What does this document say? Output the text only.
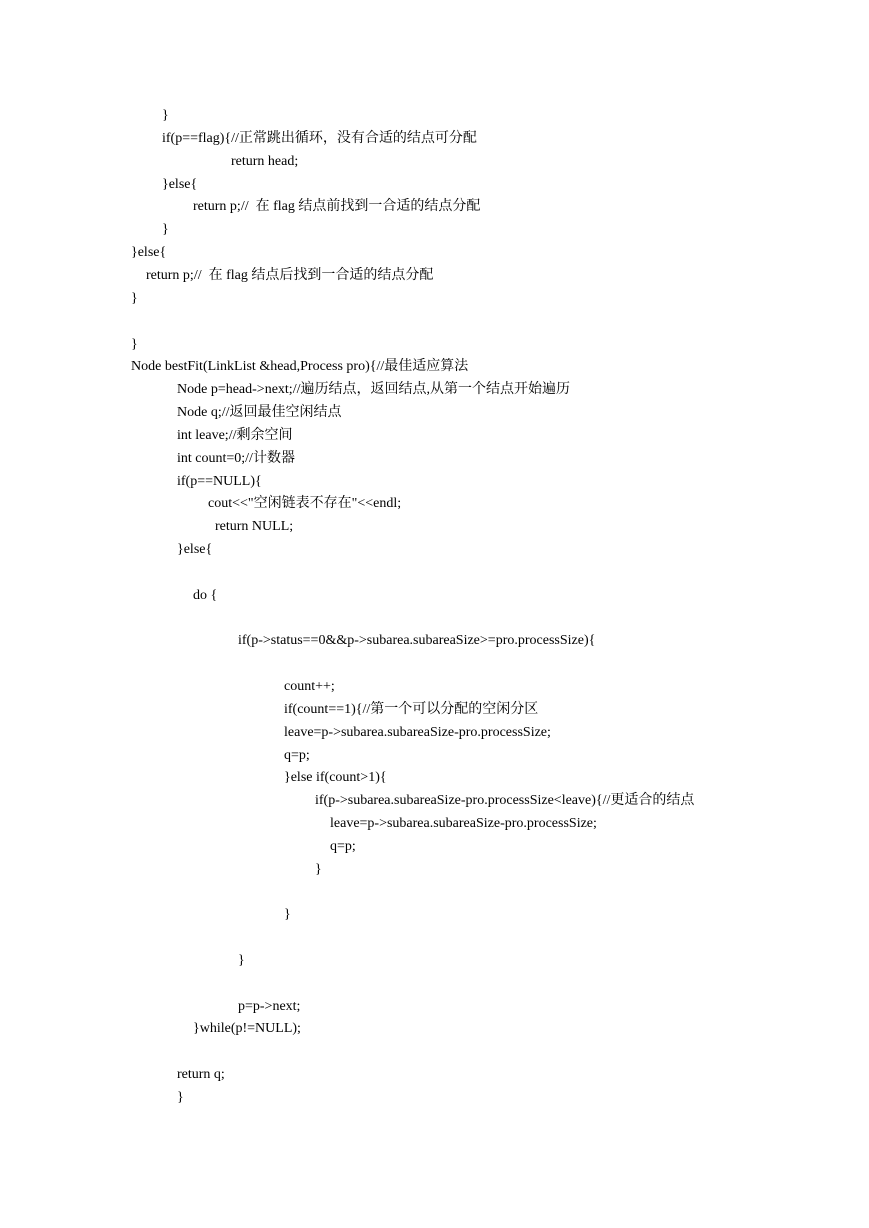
}
if(p==flag){//正常跳出循环，没有合适的结点可分配
return head;
}else{
return p;//  在 flag 结点前找到一合适的结点分配
}
}else{
return p;//  在 flag 结点后找到一合适的结点分配
}
}
Node bestFit(LinkList &head,Process pro){//最佳适应算法
Node p=head->next;//遍历结点，返回结点,从第一个结点开始遍历
Node q;//返回最佳空闲结点
int leave;//剩余空间
int count=0;//计数器
if(p==NULL){
cout<<"空闲链表不存在"<<endl;
return NULL;
}else{
do {
if(p->status==0&&p->subarea.subareaSize>=pro.processSize){
count++;
if(count==1){//第一个可以分配的空闲分区
leave=p->subarea.subareaSize-pro.processSize;
q=p;
}else if(count>1){
if(p->subarea.subareaSize-pro.processSize<leave){//更适合的结点
leave=p->subarea.subareaSize-pro.processSize;
q=p;
}
}
}
p=p->next;
}while(p!=NULL);
return q;
}
